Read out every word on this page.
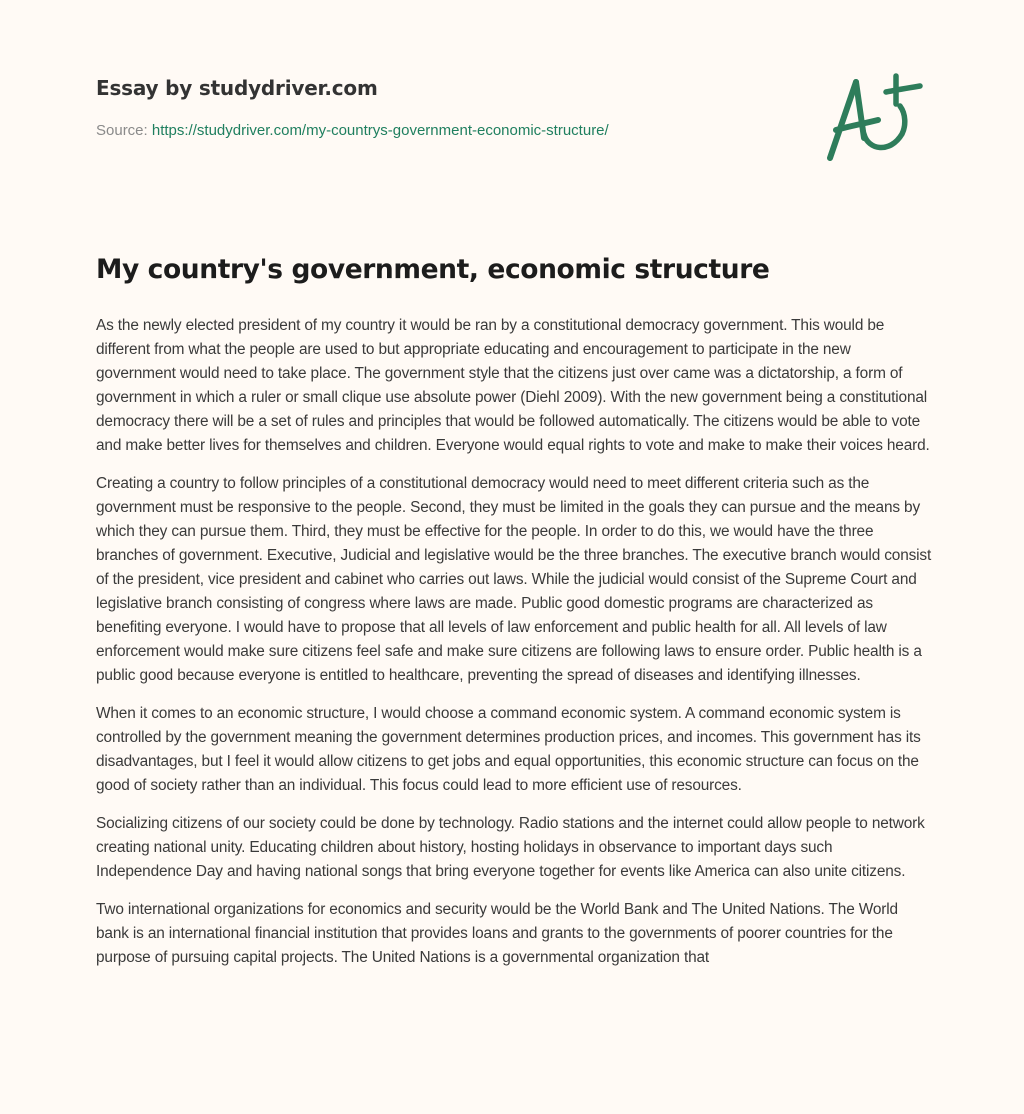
Essay by studydriver.com
Source: https://studydriver.com/my-countrys-government-economic-structure/
My country's government, economic structure

As the newly elected president of my country it would be ran by a constitutional democracy government. This would be different from what the people are used to but appropriate educating and encouragement to participate in the new government would need to take place. The government style that the citizens just over came was a dictatorship, a form of government in which a ruler or small clique use absolute power (Diehl 2009). With the new government being a constitutional democracy there will be a set of rules and principles that would be followed automatically. The citizens would be able to vote and make better lives for themselves and children. Everyone would equal rights to vote and make to make their voices heard.

Creating a country to follow principles of a constitutional democracy would need to meet different criteria such as the government must be responsive to the people. Second, they must be limited in the goals they can pursue and the means by which they can pursue them. Third, they must be effective for the people. In order to do this, we would have the three branches of government. Executive, Judicial and legislative would be the three branches. The executive branch would consist of the president, vice president and cabinet who carries out laws. While the judicial would consist of the Supreme Court and legislative branch consisting of congress where laws are made. Public good domestic programs are characterized as benefiting everyone. I would have to propose that all levels of law enforcement and public health for all. All levels of law enforcement would make sure citizens feel safe and make sure citizens are following laws to ensure order. Public health is a public good because everyone is entitled to healthcare, preventing the spread of diseases and identifying illnesses.

When it comes to an economic structure, I would choose a command economic system. A command economic system is controlled by the government meaning the government determines production prices, and incomes. This government has its disadvantages, but I feel it would allow citizens to get jobs and equal opportunities, this economic structure can focus on the good of society rather than an individual. This focus could lead to more efficient use of resources.

Socializing citizens of our society could be done by technology. Radio stations and the internet could allow people to network creating national unity. Educating children about history, hosting holidays in observance to important days such Independence Day and having national songs that bring everyone together for events like America can also unite citizens.

Two international organizations for economics and security would be the World Bank and The United Nations. The World bank is an international financial institution that provides loans and grants to the governments of poorer countries for the purpose of pursuing capital projects. The United Nations is a governmental organization that
